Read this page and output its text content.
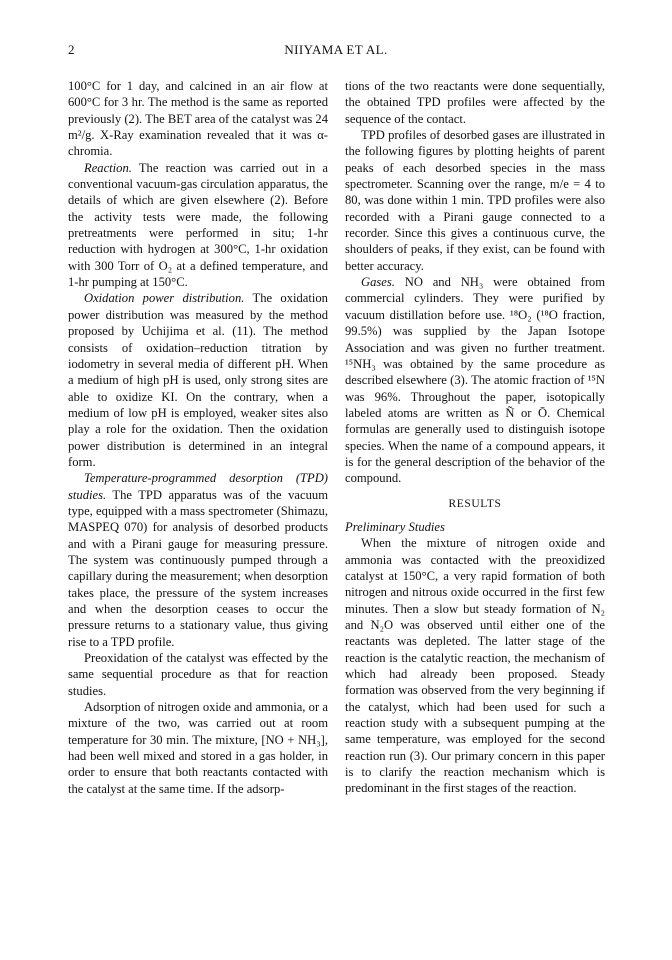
2	NIIYAMA ET AL.

100°C for 1 day, and calcined in an air flow at 600°C for 3 hr. The method is the same as reported previously (2). The BET area of the catalyst was 24 m²/g. X-Ray examination revealed that it was α-chromia.

Reaction. The reaction was carried out in a conventional vacuum-gas circulation apparatus, the details of which are given elsewhere (2). Before the activity tests were made, the following pretreatments were performed in situ; 1-hr reduction with hydrogen at 300°C, 1-hr oxidation with 300 Torr of O₂ at a defined temperature, and 1-hr pumping at 150°C.

Oxidation power distribution. The oxidation power distribution was measured by the method proposed by Uchijima et al. (11). The method consists of oxidation–reduction titration by iodometry in several media of different pH. When a medium of high pH is used, only strong sites are able to oxidize KI. On the contrary, when a medium of low pH is employed, weaker sites also play a role for the oxidation. Then the oxidation power distribution is determined in an integral form.

Temperature-programmed desorption (TPD) studies. The TPD apparatus was of the vacuum type, equipped with a mass spectrometer (Shimazu, MASPEQ 070) for analysis of desorbed products and with a Pirani gauge for measuring pressure. The system was continuously pumped through a capillary during the measurement; when desorption takes place, the pressure of the system increases and when the desorption ceases to occur the pressure returns to a stationary value, thus giving rise to a TPD profile.

Preoxidation of the catalyst was effected by the same sequential procedure as that for reaction studies.

Adsorption of nitrogen oxide and ammonia, or a mixture of the two, was carried out at room temperature for 30 min. The mixture, [NO + NH₃], had been well mixed and stored in a gas holder, in order to ensure that both reactants contacted with the catalyst at the same time. If the adsorp-

tions of the two reactants were done sequentially, the obtained TPD profiles were affected by the sequence of the contact.

TPD profiles of desorbed gases are illustrated in the following figures by plotting heights of parent peaks of each desorbed species in the mass spectrometer. Scanning over the range, m/e = 4 to 80, was done within 1 min. TPD profiles were also recorded with a Pirani gauge connected to a recorder. Since this gives a continuous curve, the shoulders of peaks, if they exist, can be found with better accuracy.

Gases. NO and NH₃ were obtained from commercial cylinders. They were purified by vacuum distillation before use. ¹⁸O₂ (¹⁸O fraction, 99.5%) was supplied by the Japan Isotope Association and was given no further treatment. ¹⁵NH₃ was obtained by the same procedure as described elsewhere (3). The atomic fraction of ¹⁵N was 96%. Throughout the paper, isotopically labeled atoms are written as Ñ or Ō. Chemical formulas are generally used to distinguish isotope species. When the name of a compound appears, it is for the general description of the behavior of the compound.

RESULTS

Preliminary Studies

When the mixture of nitrogen oxide and ammonia was contacted with the preoxidized catalyst at 150°C, a very rapid formation of both nitrogen and nitrous oxide occurred in the first few minutes. Then a slow but steady formation of N₂ and N₂O was observed until either one of the reactants was depleted. The latter stage of the reaction is the catalytic reaction, the mechanism of which had already been proposed. Steady formation was observed from the very beginning if the catalyst, which had been used for such a reaction study with a subsequent pumping at the same temperature, was employed for the second reaction run (3). Our primary concern in this paper is to clarify the reaction mechanism which is predominant in the first stages of the reaction.
